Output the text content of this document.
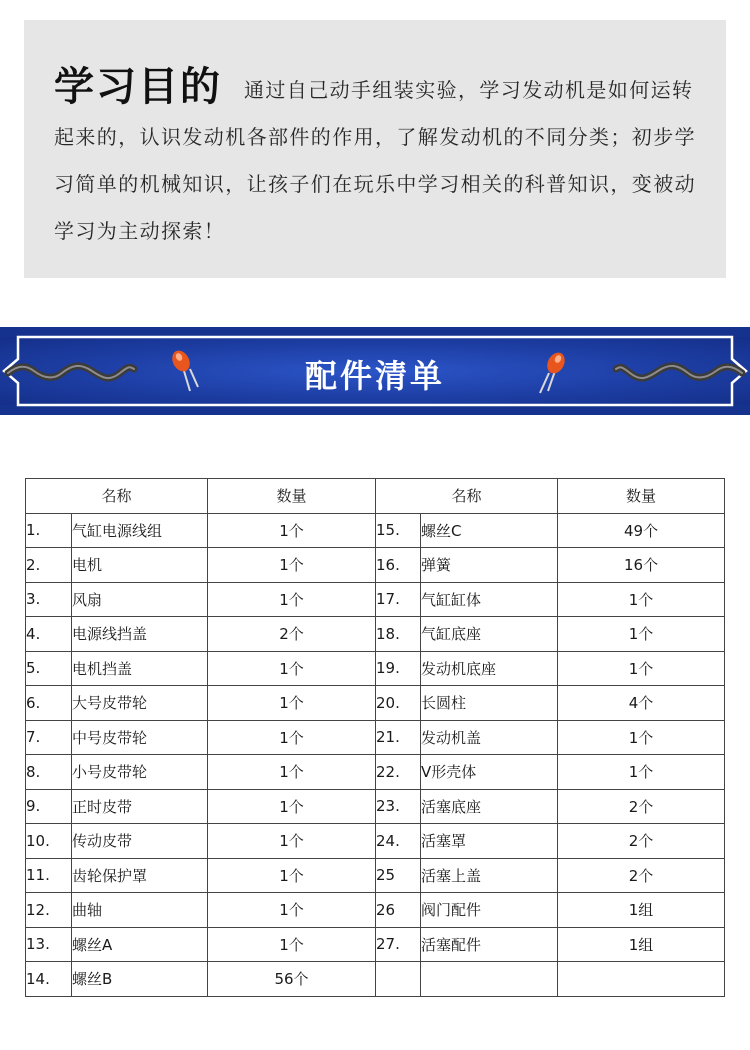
学习目的 通过自己动手组装实验，学习发动机是如何运转起来的，认识发动机各部件的作用，了解发动机的不同分类；初步学习简单的机械知识，让孩子们在玩乐中学习相关的科普知识，变被动学习为主动探索！

配件清单
名称		数量	名称		数量
1.	气缸电源线组	1个	15.	螺丝C	49个
2.	电机	1个	16.	弹簧	16个
3.	风扇	1个	17.	气缸缸体	1个
4.	电源线挡盖	2个	18.	气缸底座	1个
5.	电机挡盖	1个	19.	发动机底座	1个
6.	大号皮带轮	1个	20.	长圆柱	4个
7.	中号皮带轮	1个	21.	发动机盖	1个
8.	小号皮带轮	1个	22.	V形壳体	1个
9.	正时皮带	1个	23.	活塞底座	2个
10.	传动皮带	1个	24.	活塞罩	2个
11.	齿轮保护罩	1个	25	活塞上盖	2个
12.	曲轴	1个	26	阀门配件	1组
13.	螺丝A	1个	27.	活塞配件	1组
14.	螺丝B	56个			
